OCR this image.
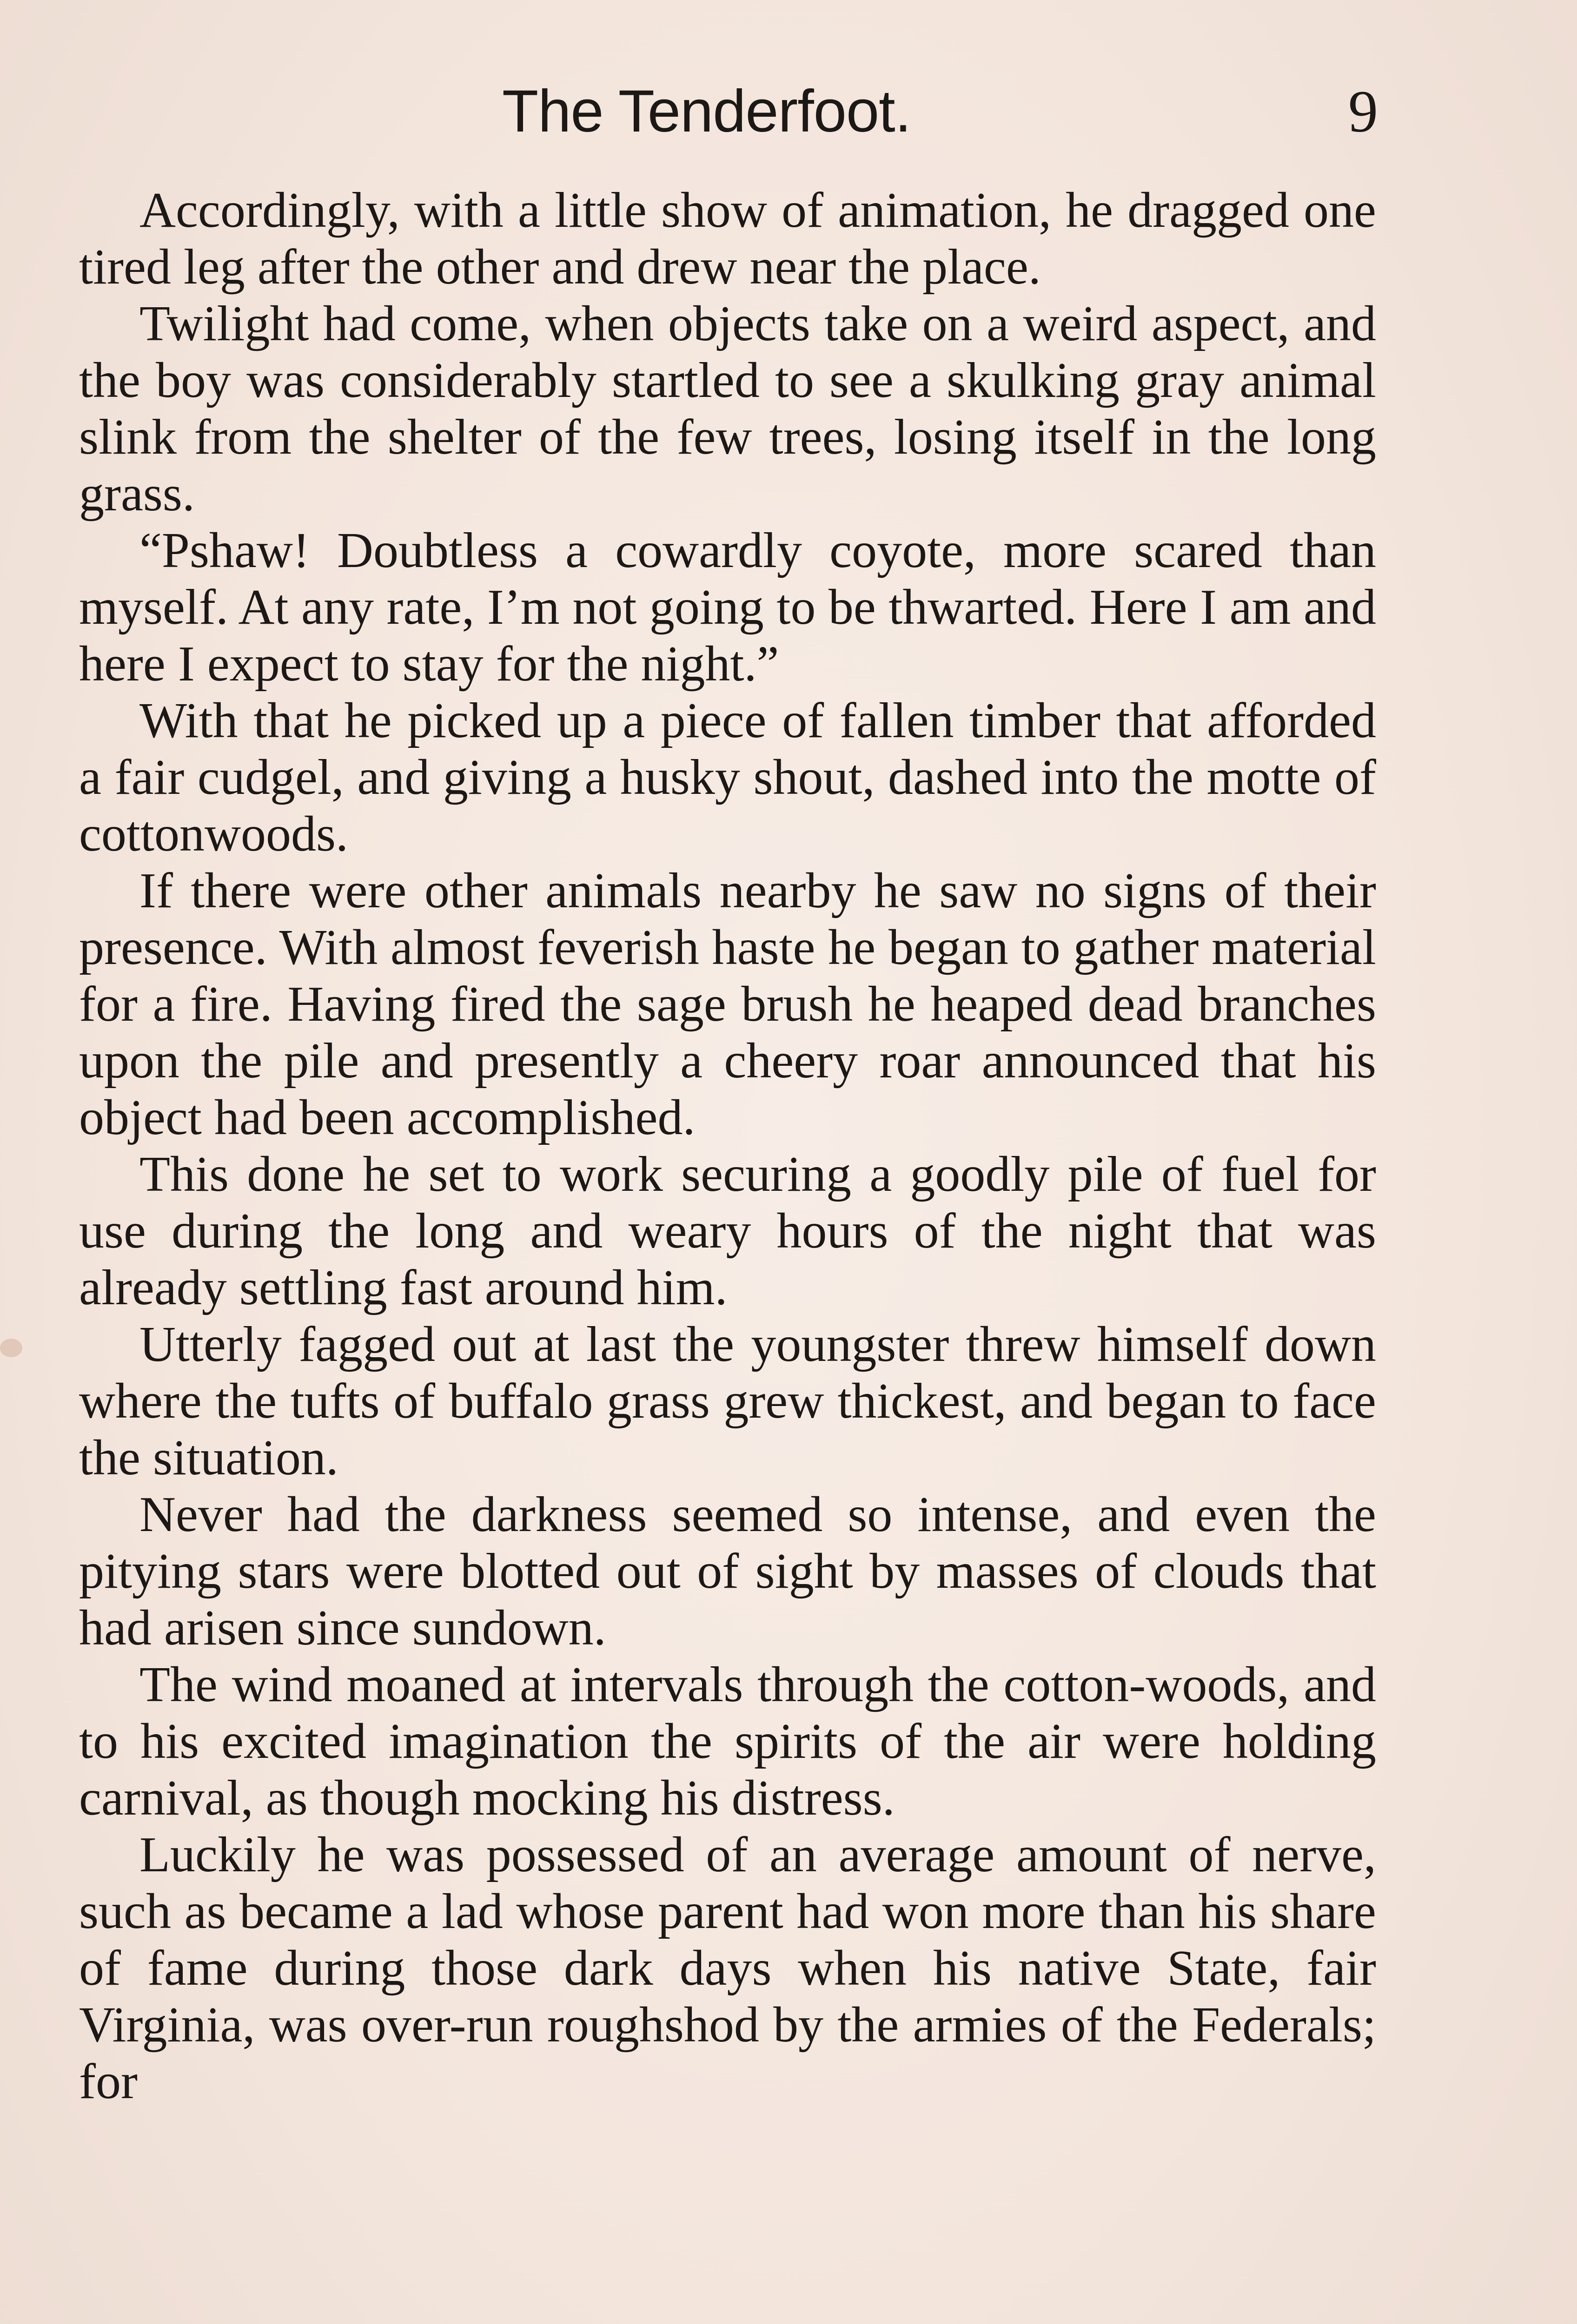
The Tenderfoot.	9

Accordingly, with a little show of animation, he dragged one tired leg after the other and drew near the place.

Twilight had come, when objects take on a weird aspect, and the boy was considerably startled to see a skulking gray animal slink from the shelter of the few trees, losing itself in the long grass.

“Pshaw! Doubtless a cowardly coyote, more scared than myself. At any rate, I’m not going to be thwarted. Here I am and here I expect to stay for the night.”

With that he picked up a piece of fallen timber that afforded a fair cudgel, and giving a husky shout, dashed into the motte of cottonwoods.

If there were other animals nearby he saw no signs of their presence. With almost feverish haste he began to gather material for a fire. Having fired the sage brush he heaped dead branches upon the pile and presently a cheery roar announced that his object had been accomplished.

This done he set to work securing a goodly pile of fuel for use during the long and weary hours of the night that was already settling fast around him.

Utterly fagged out at last the youngster threw himself down where the tufts of buffalo grass grew thickest, and began to face the situation.

Never had the darkness seemed so intense, and even the pitying stars were blotted out of sight by masses of clouds that had arisen since sundown.

The wind moaned at intervals through the cotton-woods, and to his excited imagination the spirits of the air were holding carnival, as though mocking his distress.

Luckily he was possessed of an average amount of nerve, such as became a lad whose parent had won more than his share of fame during those dark days when his native State, fair Virginia, was over-run roughshod by the armies of the Federals; for
